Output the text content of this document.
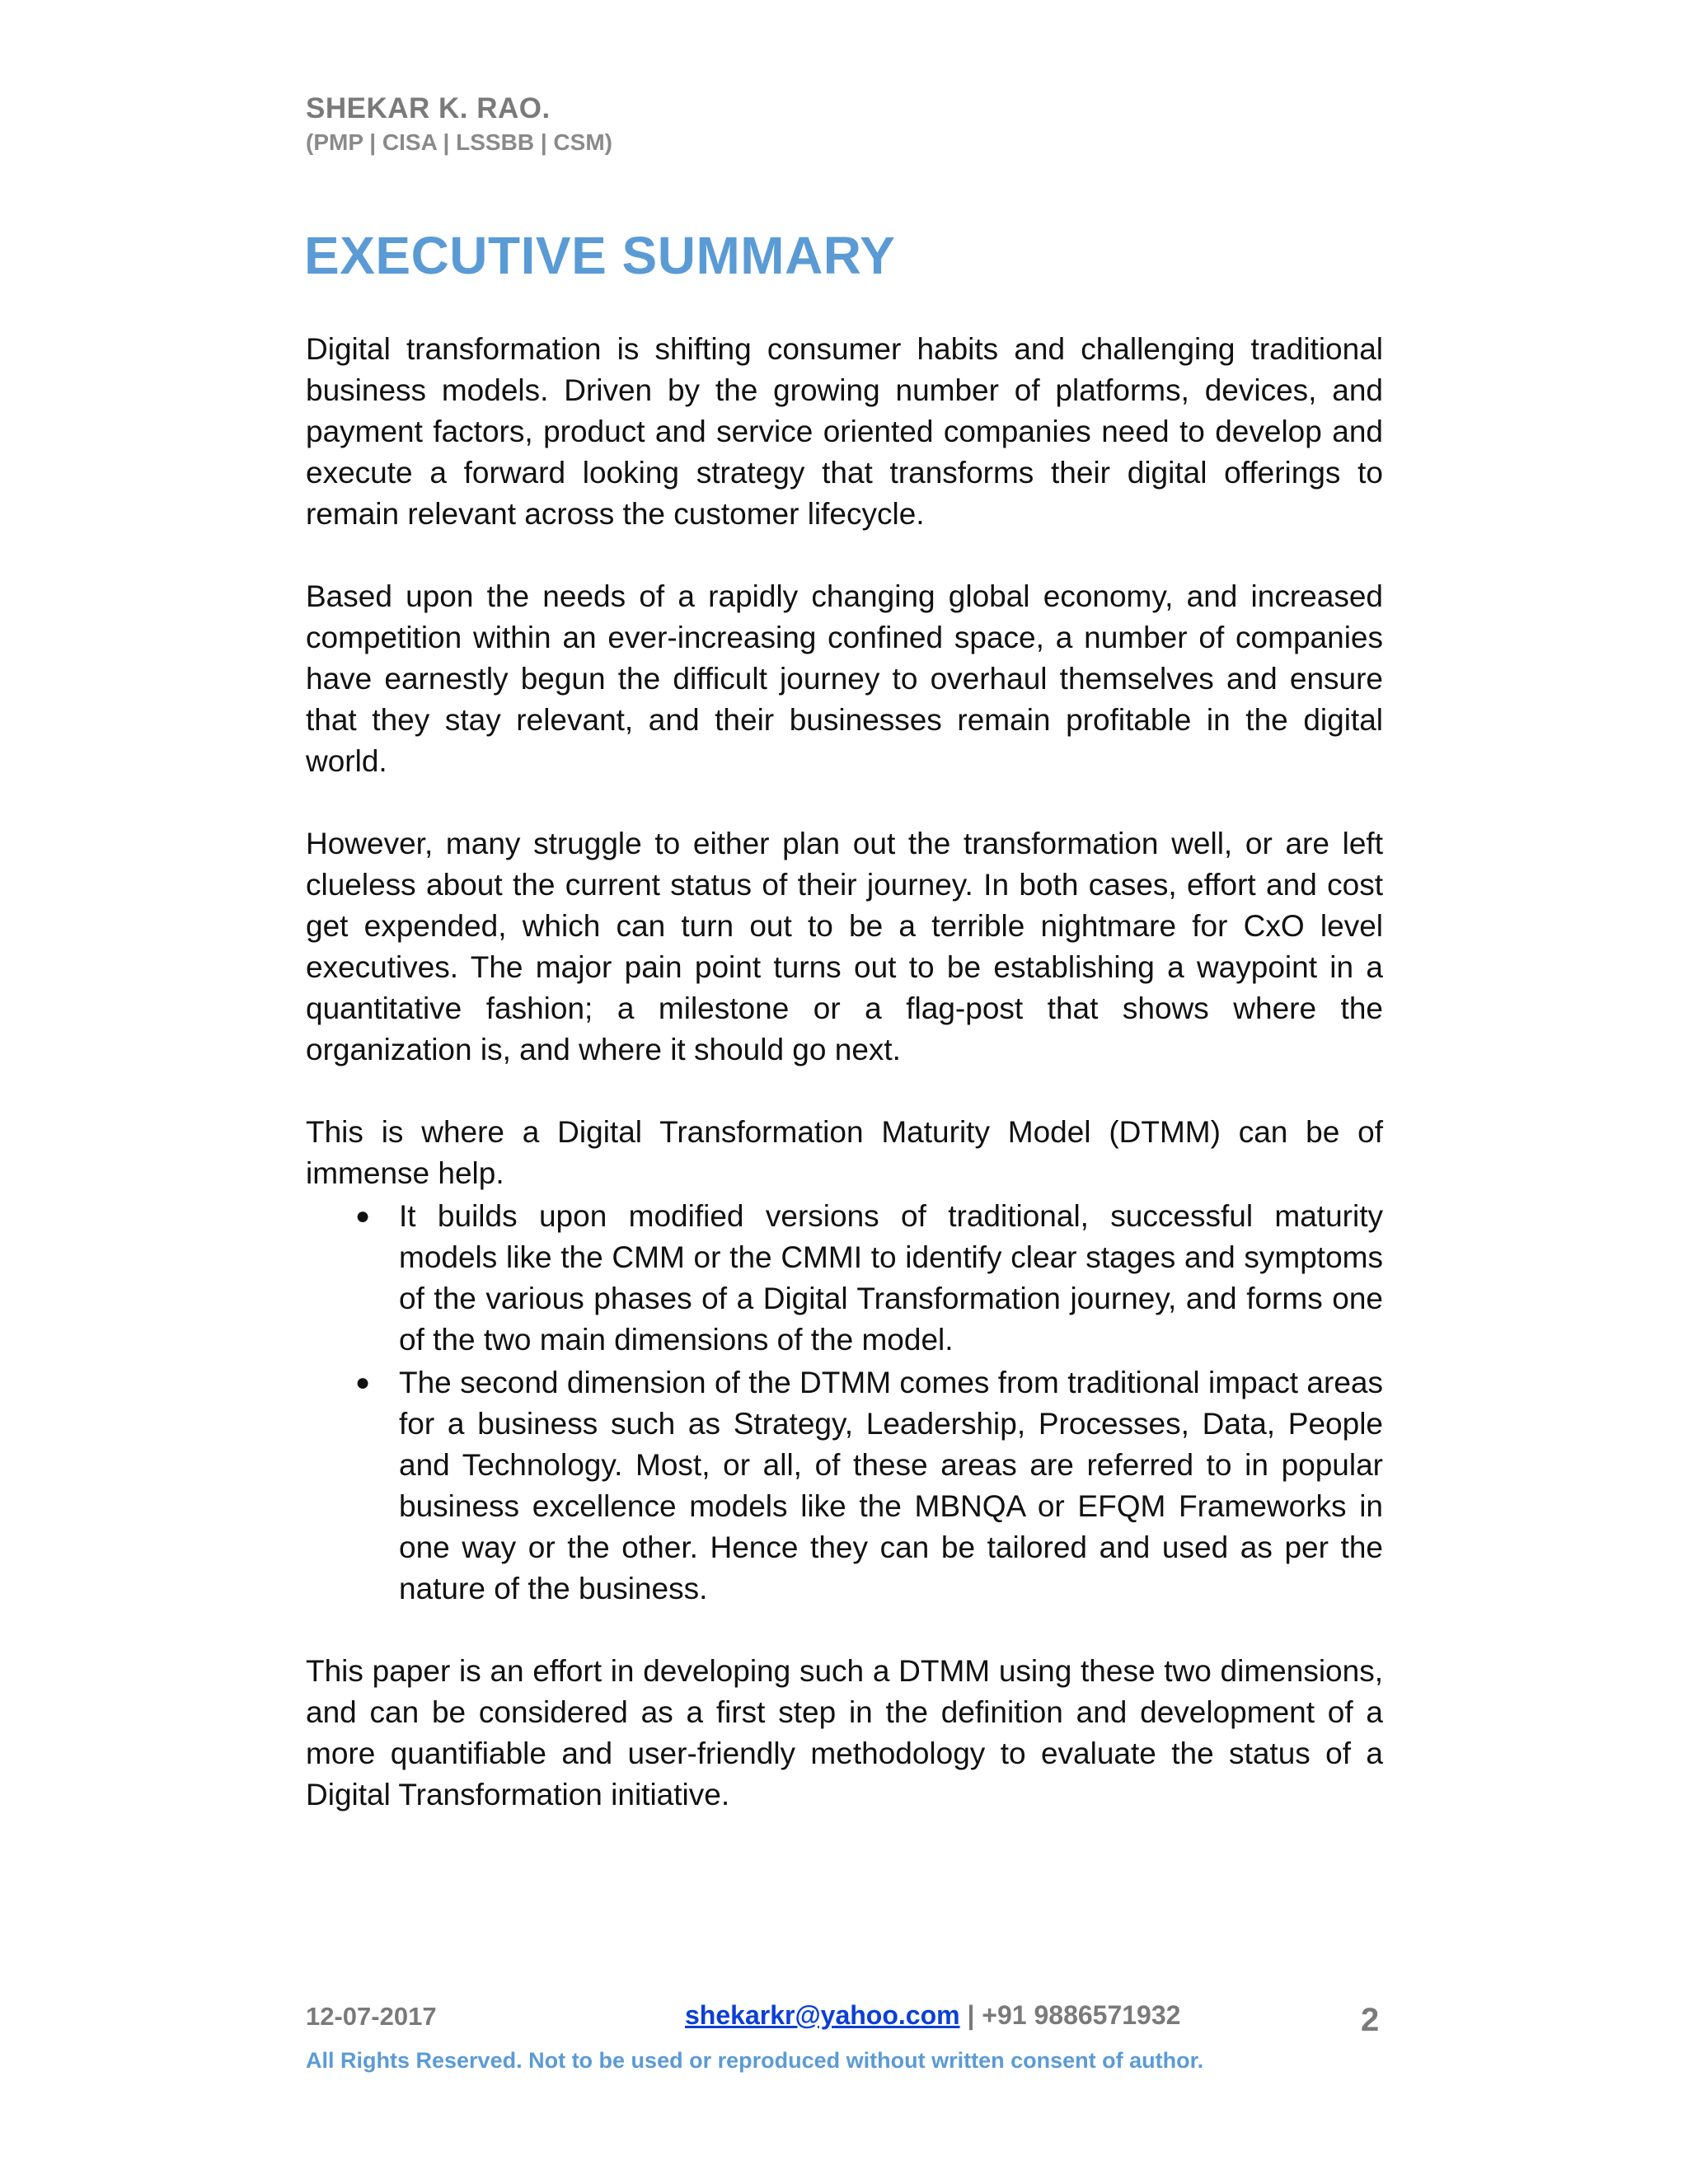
SHEKAR K. RAO.
(PMP | CISA | LSSBB | CSM)
EXECUTIVE SUMMARY

Digital transformation is shifting consumer habits and challenging traditional business models. Driven by the growing number of platforms, devices, and payment factors, product and service oriented companies need to develop and execute a forward looking strategy that transforms their digital offerings to remain relevant across the customer lifecycle.

Based upon the needs of a rapidly changing global economy, and increased competition within an ever-increasing confined space, a number of companies have earnestly begun the difficult journey to overhaul themselves and ensure that they stay relevant, and their businesses remain profitable in the digital world.

However, many struggle to either plan out the transformation well, or are left clueless about the current status of their journey. In both cases, effort and cost get expended, which can turn out to be a terrible nightmare for CxO level executives. The major pain point turns out to be establishing a waypoint in a quantitative fashion; a milestone or a flag-post that shows where the organization is, and where it should go next.

This is where a Digital Transformation Maturity Model (DTMM) can be of immense help.

● It builds upon modified versions of traditional, successful maturity models like the CMM or the CMMI to identify clear stages and symptoms of the various phases of a Digital Transformation journey, and forms one of the two main dimensions of the model.
● The second dimension of the DTMM comes from traditional impact areas for a business such as Strategy, Leadership, Processes, Data, People and Technology. Most, or all, of these areas are referred to in popular business excellence models like the MBNQA or EFQM Frameworks in one way or the other. Hence they can be tailored and used as per the nature of the business.

This paper is an effort in developing such a DTMM using these two dimensions, and can be considered as a first step in the definition and development of a more quantifiable and user-friendly methodology to evaluate the status of a Digital Transformation initiative.

12-07-2017	shekarkr@yahoo.com | +91 9886571932	2
All Rights Reserved. Not to be used or reproduced without written consent of author.
